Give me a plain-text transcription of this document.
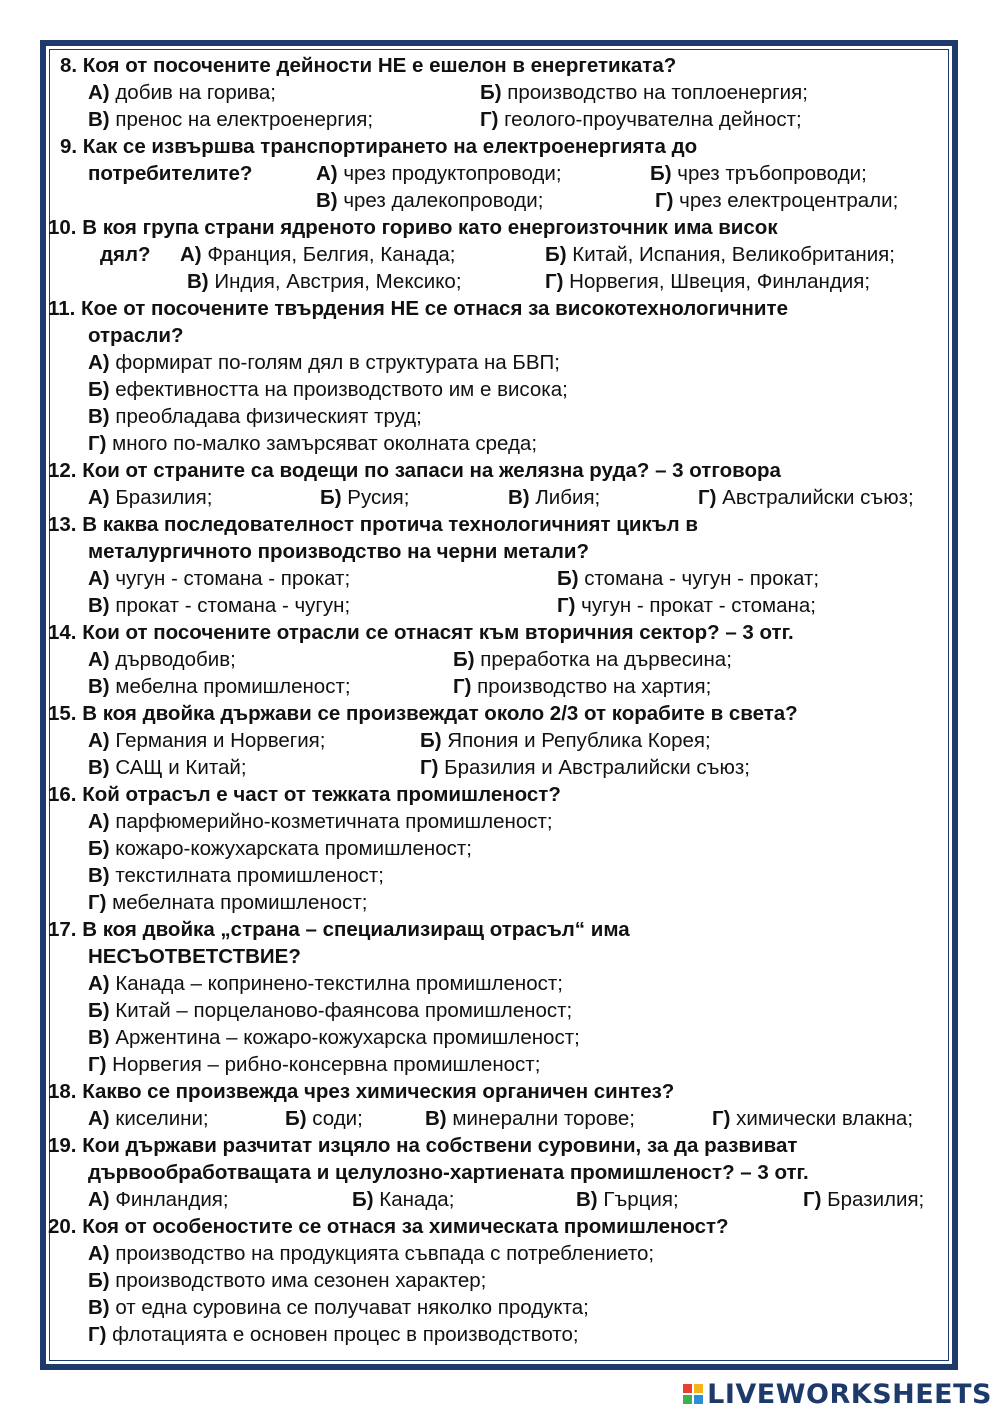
8. Коя от посочените дейности НЕ е ешелон в енергетиката?
А) добив на горива;	Б) производство на топлоенергия;
В) пренос на електроенергия;	Г) геолого-проучвателна дейност;
9. Как се извършва транспортирането на електроенергията до
потребителите?	А) чрез продуктопроводи;	Б) чрез тръбопроводи;
В) чрез далекопроводи;	Г) чрез електроцентрали;
10. В коя група страни ядреното гориво като енергоизточник има висок
дял? А) Франция, Белгия, Канада;	Б) Китай, Испания, Великобритания;
В) Индия, Австрия, Мексико;	Г) Норвегия, Швеция, Финландия;
11. Кое от посочените твърдения НЕ се отнася за високотехнологичните
отрасли?
А) формират по-голям дял в структурата на БВП;
Б) ефективността на производството им е висока;
В) преобладава физическият труд;
Г) много по-малко замърсяват околната среда;
12. Кои от страните са водещи по запаси на желязна руда? – 3 отговора
А) Бразилия;	Б) Русия;	В) Либия;	Г) Австралийски съюз;
13. В каква последователност протича технологичният цикъл в
металургичното производство на черни метали?
А) чугун - стомана - прокат;	Б) стомана - чугун - прокат;
В) прокат - стомана - чугун;	Г) чугун - прокат - стомана;
14. Кои от посочените отрасли се отнасят към вторичния сектор? – 3 отг.
А) дърводобив;	Б) преработка на дървесина;
В) мебелна промишленост;	Г) производство на хартия;
15. В коя двойка държави се произвеждат около 2/3 от корабите в света?
А) Германия и Норвегия;	Б) Япония и Република Корея;
В) САЩ и Китай;	Г) Бразилия и Австралийски съюз;
16. Кой отрасъл е част от тежката промишленост?
А) парфюмерийно-козметичната промишленост;
Б) кожаро-кожухарската промишленост;
В) текстилната промишленост;
Г) мебелната промишленост;
17. В коя двойка „страна – специализиращ отрасъл“ има
НЕСЪОТВЕТСТВИЕ?
А) Канада – копринено-текстилна промишленост;
Б) Китай – порцеланово-фаянсова промишленост;
В) Аржентина – кожаро-кожухарска промишленост;
Г) Норвегия – рибно-консервна промишленост;
18. Какво се произвежда чрез химическия органичен синтез?
А) киселини;	Б) соди;	В) минерални торове;	Г) химически влакна;
19. Кои държави разчитат изцяло на собствени суровини, за да развиват
дървообработващата и целулозно-хартиената промишленост? – 3 отг.
А) Финландия;	Б) Канада;	В) Гърция;	Г) Бразилия;
20. Коя от особеностите се отнася за химическата промишленост?
А) производство на продукцията съвпада с потреблението;
Б) производството има сезонен характер;
В) от една суровина се получават няколко продукта;
Г) флотацията е основен процес в производството;
LIVEWORKSHEETS
